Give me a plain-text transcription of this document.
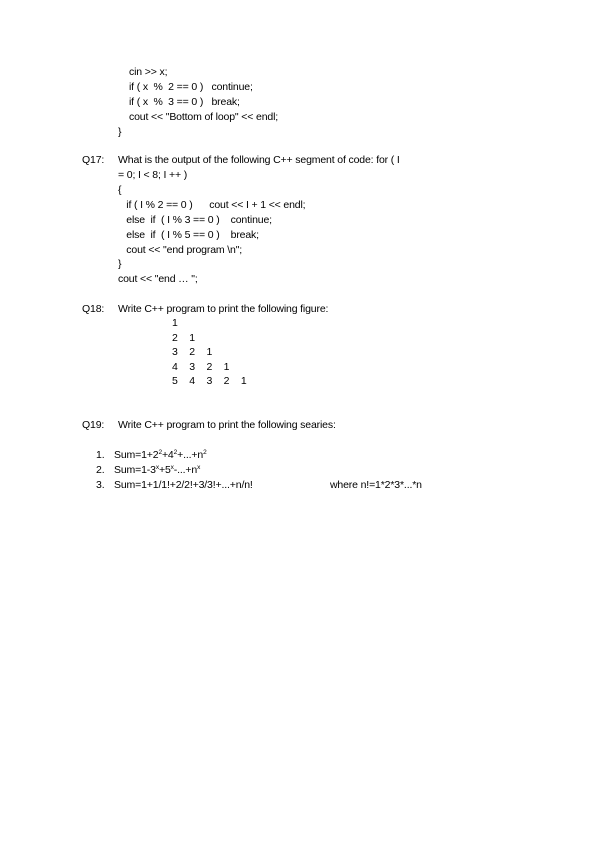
cin >> x;
if ( x  %  2 == 0 )   continue;
if ( x  %  3 == 0 )   break;
cout << "Bottom of loop" << endl;
}
Q17: What is the output of the following C++ segment of code: for ( I
= 0; I < 8; I ++ )
{
if ( I % 2 == 0 )      cout << I + 1 << endl;
else  if  ( I % 3 == 0 )    continue;
else  if  ( I % 5 == 0 )    break;
cout << "end program \n";
}
cout << "end … ";
Q18: Write C++ program to print the following figure:
1
2  1
3  2  1
4  3  2  1
5  4  3  2  1
Q19: Write C++ program to print the following searies:
1. $Sum=1+2^2+4^2+...+n^2$
2. $Sum=1-3^x+5^x-...+n^x$
3. Sum=1+1/1!+2/2!+3/3!+...+n/n!	where n!=1*2*3*...*n
